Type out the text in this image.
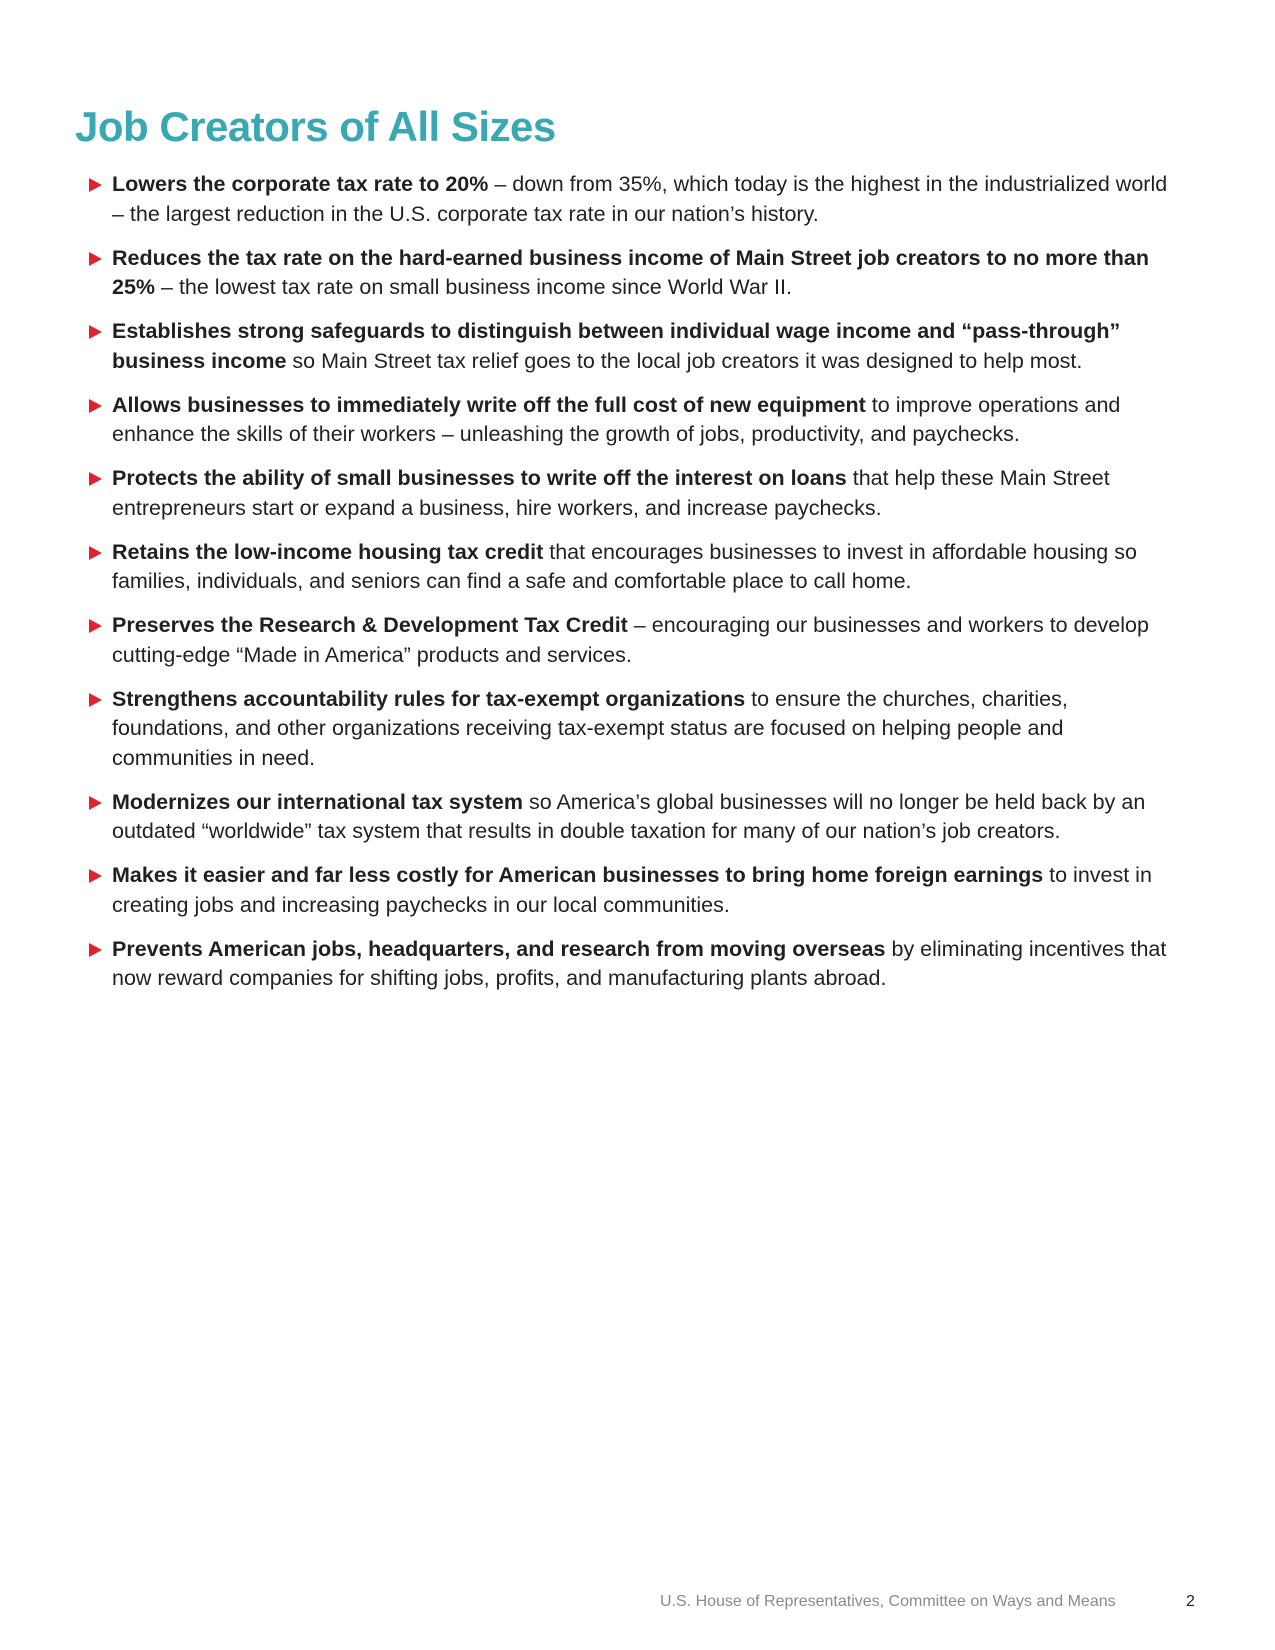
Job Creators of All Sizes
Lowers the corporate tax rate to 20% – down from 35%, which today is the highest in the industrialized world – the largest reduction in the U.S. corporate tax rate in our nation’s history.
Reduces the tax rate on the hard-earned business income of Main Street job creators to no more than 25% – the lowest tax rate on small business income since World War II.
Establishes strong safeguards to distinguish between individual wage income and “pass-through” business income so Main Street tax relief goes to the local job creators it was designed to help most.
Allows businesses to immediately write off the full cost of new equipment to improve operations and enhance the skills of their workers – unleashing the growth of jobs, productivity, and paychecks.
Protects the ability of small businesses to write off the interest on loans that help these Main Street entrepreneurs start or expand a business, hire workers, and increase paychecks.
Retains the low-income housing tax credit that encourages businesses to invest in affordable housing so families, individuals, and seniors can find a safe and comfortable place to call home.
Preserves the Research & Development Tax Credit – encouraging our businesses and workers to develop cutting-edge “Made in America” products and services.
Strengthens accountability rules for tax-exempt organizations to ensure the churches, charities, foundations, and other organizations receiving tax-exempt status are focused on helping people and communities in need.
Modernizes our international tax system so America’s global businesses will no longer be held back by an outdated “worldwide” tax system that results in double taxation for many of our nation’s job creators.
Makes it easier and far less costly for American businesses to bring home foreign earnings to invest in creating jobs and increasing paychecks in our local communities.
Prevents American jobs, headquarters, and research from moving overseas by eliminating incentives that now reward companies for shifting jobs, profits, and manufacturing plants abroad.
U.S. House of Representatives, Committee on Ways and Means	2
